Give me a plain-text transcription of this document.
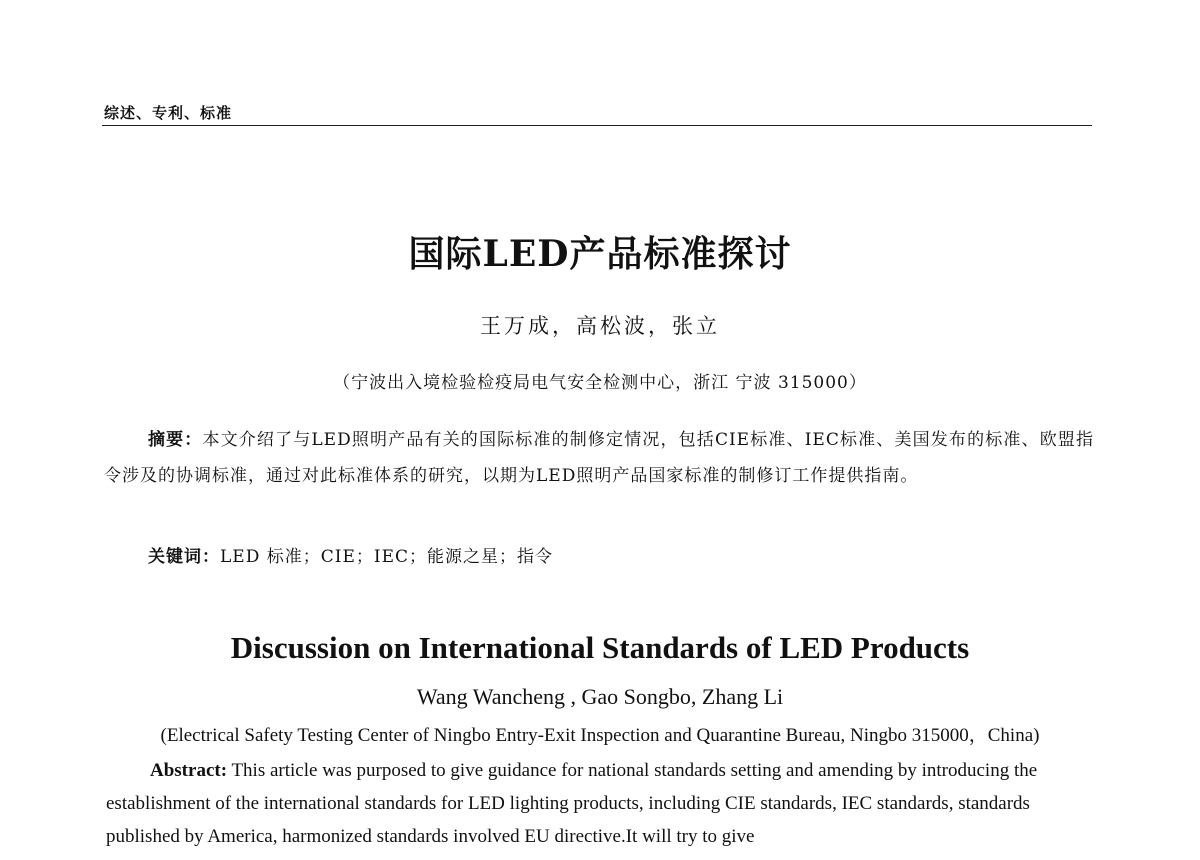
综述、专利、标准
国际LED产品标准探讨
王万成，高松波，张立
（宁波出入境检验检疫局电气安全检测中心，浙江 宁波 315000）
摘要：本文介绍了与LED照明产品有关的国际标准的制修定情况，包括CIE标准、IEC标准、美国发布的标准、欧盟指令涉及的协调标准，通过对此标准体系的研究，以期为LED照明产品国家标准的制修订工作提供指南。
关键词：LED 标准；CIE；IEC；能源之星；指令
Discussion on International Standards of LED Products
Wang Wancheng , Gao Songbo, Zhang Li
(Electrical Safety Testing Center of Ningbo Entry-Exit Inspection and Quarantine Bureau, Ningbo 315000，China)
Abstract: This article was purposed to give guidance for national standards setting and amending by introducing the establishment of the international standards for LED lighting products, including CIE standards, IEC standards, standards published by America, harmonized standards involved EU directive.It will try to give
